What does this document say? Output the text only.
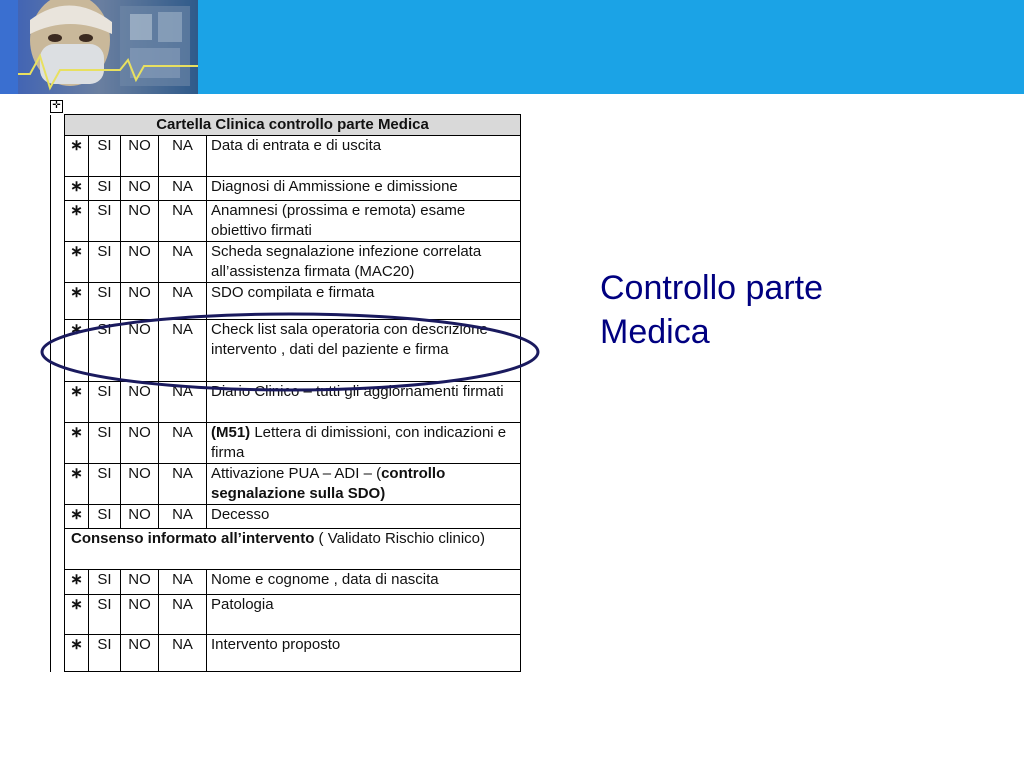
✛
	Cartella Clinica controllo parte Medica				
	∗	SI	NO	NA	Data di entrata e di uscita
	∗	SI	NO	NA	Diagnosi di Ammissione e dimissione
	∗	SI	NO	NA	Anamnesi (prossima e remota) esame obiettivo firmati
	∗	SI	NO	NA	Scheda segnalazione infezione correlata all’assistenza firmata (MAC20)
	∗	SI	NO	NA	SDO compilata e firmata
	∗	SI	NO	NA	Check list sala operatoria con descrizione intervento , dati del paziente e firma
	∗	SI	NO	NA	Diario Clinico – tutti gli aggiornamenti firmati
	∗	SI	NO	NA	(M51) Lettera di dimissioni, con indicazioni e firma
	∗	SI	NO	NA	Attivazione PUA – ADI – (controllo segnalazione sulla SDO)
	∗	SI	NO	NA	Decesso
	Consenso informato all’intervento ( Validato Rischio clinico)				
	∗	SI	NO	NA	Nome e cognome , data di nascita
	∗	SI	NO	NA	Patologia
	∗	SI	NO	NA	Intervento proposto
Controllo parte
Medica
